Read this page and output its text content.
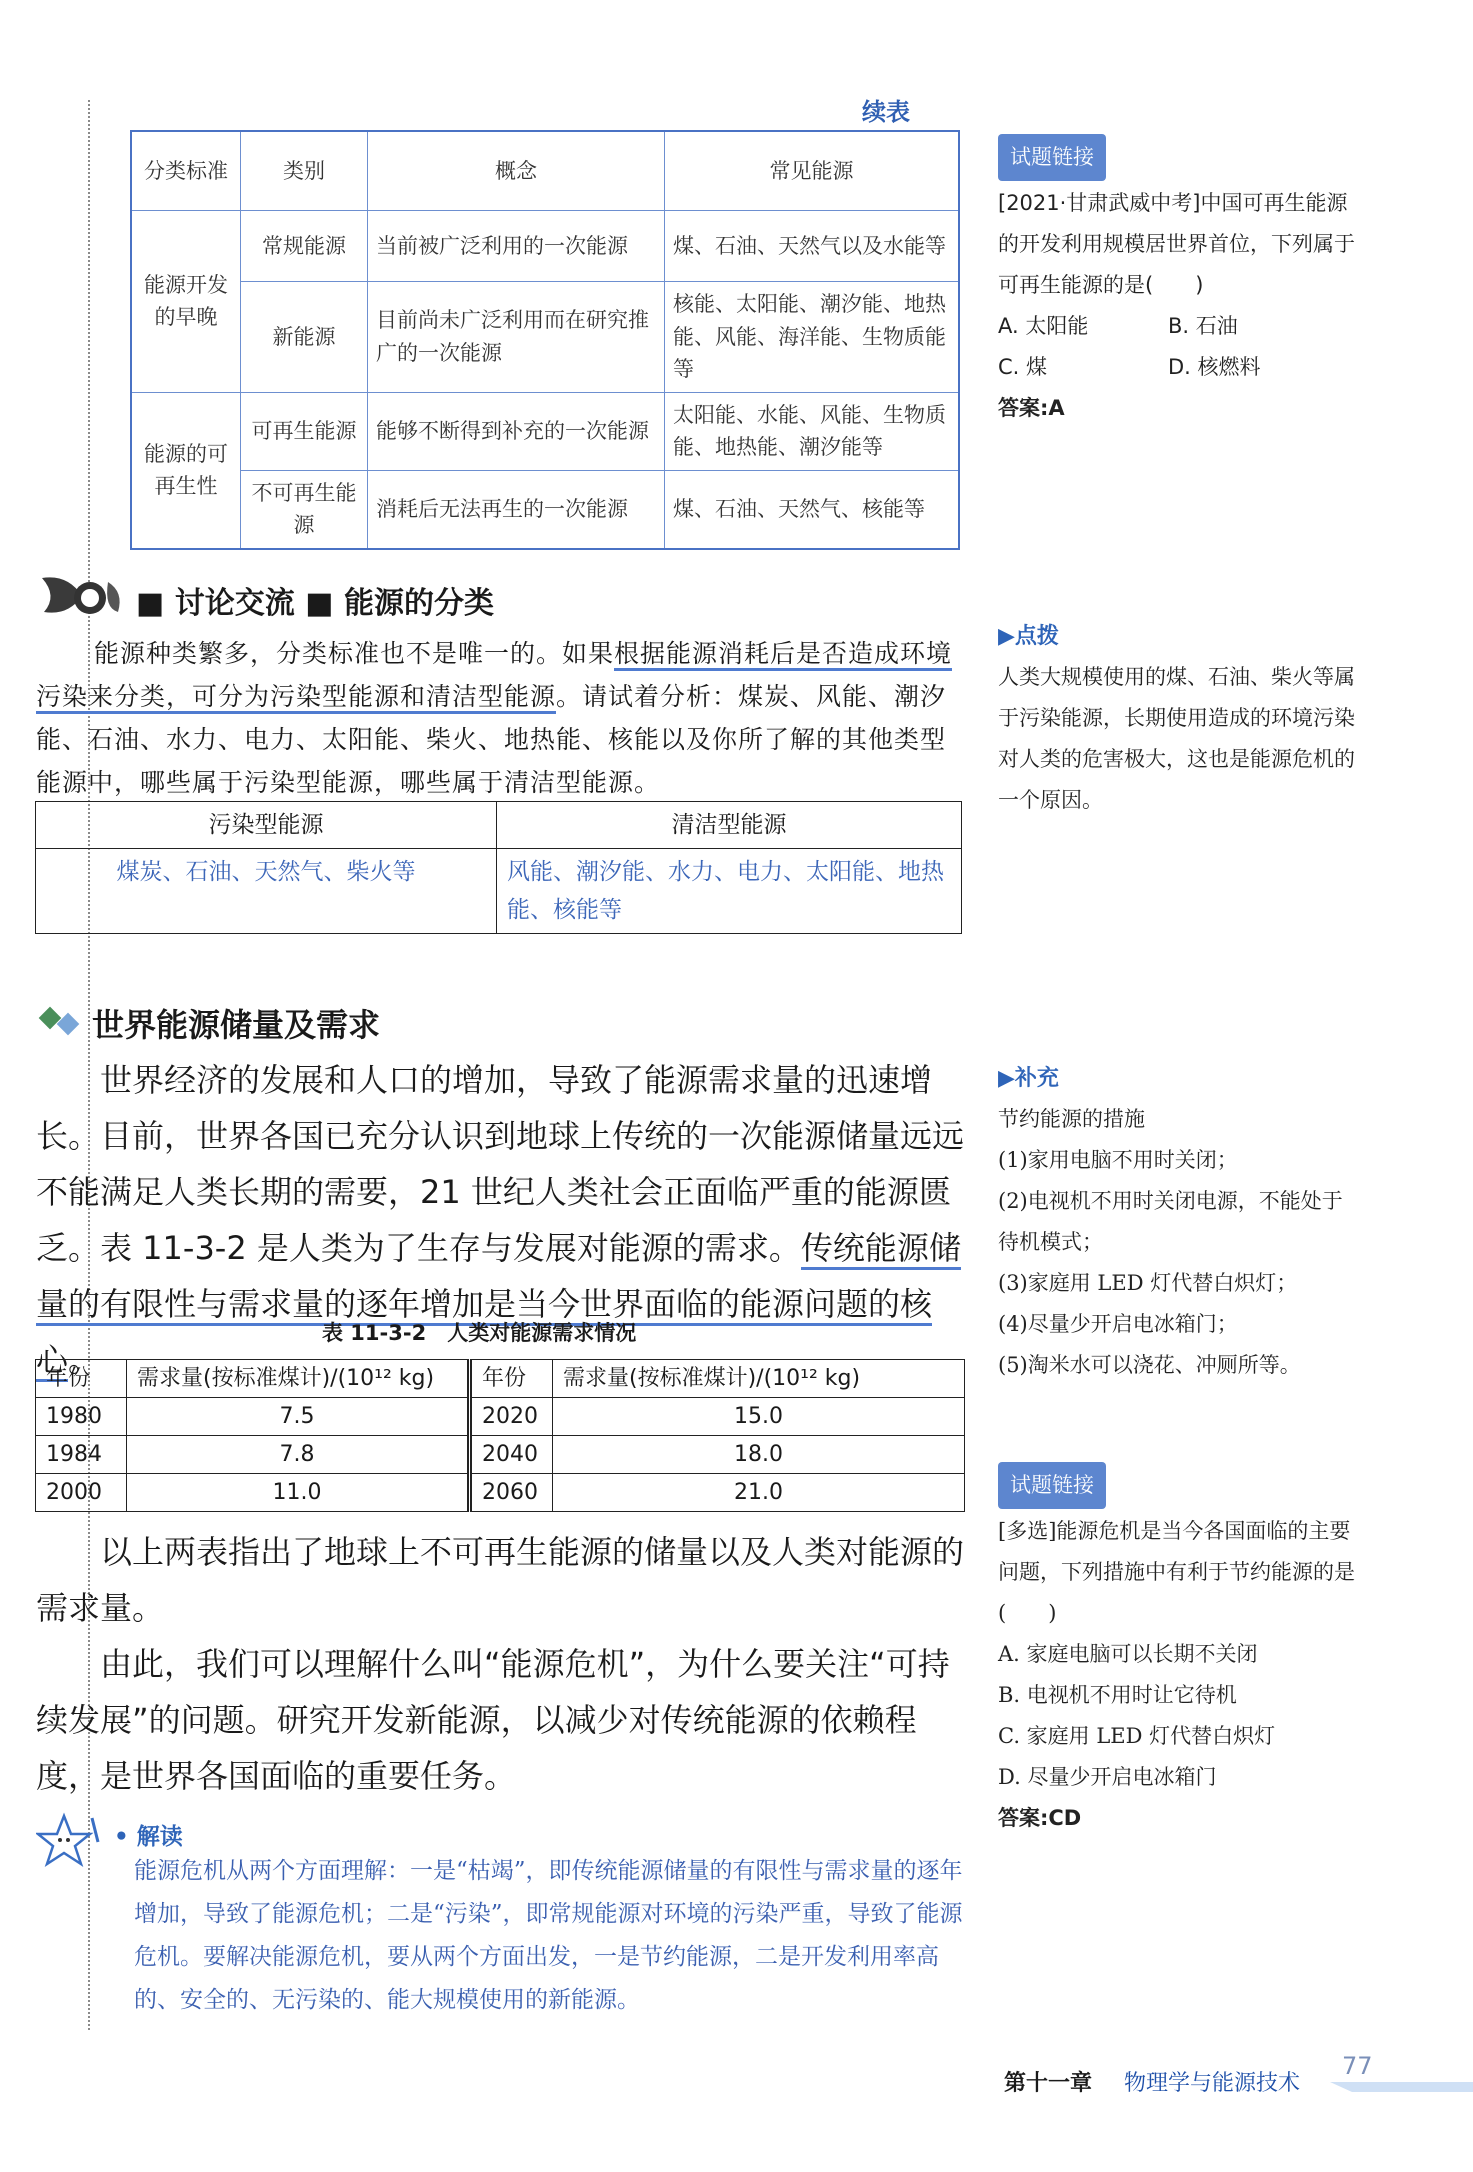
续表
分类标准	类别	概念	常见能源
能源开发的早晚	常规能源	当前被广泛利用的一次能源	煤、石油、天然气以及水能等
	新能源	目前尚未广泛利用而在研究推广的一次能源	核能、太阳能、潮汐能、地热能、风能、海洋能、生物质能等
能源的可再生性	可再生能源	能够不断得到补充的一次能源	太阳能、水能、风能、生物质能、地热能、潮汐能等
	不可再生能源	消耗后无法再生的一次能源	煤、石油、天然气、核能等
■ 讨论交流 ■ 能源的分类
能源种类繁多，分类标准也不是唯一的。如果根据能源消耗后是否造成环境污染来分类，可分为污染型能源和清洁型能源。请试着分析：煤炭、风能、潮汐能、石油、水力、电力、太阳能、柴火、地热能、核能以及你所了解的其他类型能源中，哪些属于污染型能源，哪些属于清洁型能源。
污染型能源	清洁型能源
煤炭、石油、天然气、柴火等	风能、潮汐能、水力、电力、太阳能、地热能、核能等
世界能源储量及需求
世界经济的发展和人口的增加，导致了能源需求量的迅速增长。目前，世界各国已充分认识到地球上传统的一次能源储量远远不能满足人类长期的需要，21 世纪人类社会正面临严重的能源匮乏。表 11-3-2 是人类为了生存与发展对能源的需求。传统能源储量的有限性与需求量的逐年增加是当今世界面临的能源问题的核心。
表 11-3-2　人类对能源需求情况
年份	需求量(按标准煤计)/(10¹² kg)	年份	需求量(按标准煤计)/(10¹² kg)
1980	7.5	2020	15.0
1984	7.8	2040	18.0
2000	11.0	2060	21.0
以上两表指出了地球上不可再生能源的储量以及人类对能源的需求量。
由此，我们可以理解什么叫“能源危机”，为什么要关注“可持续发展”的问题。研究开发新能源，以减少对传统能源的依赖程度，是世界各国面临的重要任务。
• 解读
能源危机从两个方面理解：一是“枯竭”，即传统能源储量的有限性与需求量的逐年增加，导致了能源危机；二是“污染”，即常规能源对环境的污染严重，导致了能源危机。要解决能源危机，要从两个方面出发，一是节约能源，二是开发利用率高的、安全的、无污染的、能大规模使用的新能源。
试题链接
[2021·甘肃武威中考]中国可再生能源的开发利用规模居世界首位，下列属于可再生能源的是(　　)
A. 太阳能	B. 石油
C. 煤	D. 核燃料
答案:A
▶点拨
人类大规模使用的煤、石油、柴火等属于污染能源，长期使用造成的环境污染对人类的危害极大，这也是能源危机的一个原因。
▶补充
节约能源的措施
(1)家用电脑不用时关闭；
(2)电视机不用时关闭电源，不能处于待机模式；
(3)家庭用 LED 灯代替白炽灯；
(4)尽量少开启电冰箱门；
(5)淘米水可以浇花、冲厕所等。
试题链接
[多选]能源危机是当今各国面临的主要问题，下列措施中有利于节约能源的是(　　)
A. 家庭电脑可以长期不关闭
B. 电视机不用时让它待机
C. 家庭用 LED 灯代替白炽灯
D. 尽量少开启电冰箱门
答案:CD
第十一章 物理学与能源技术
77
